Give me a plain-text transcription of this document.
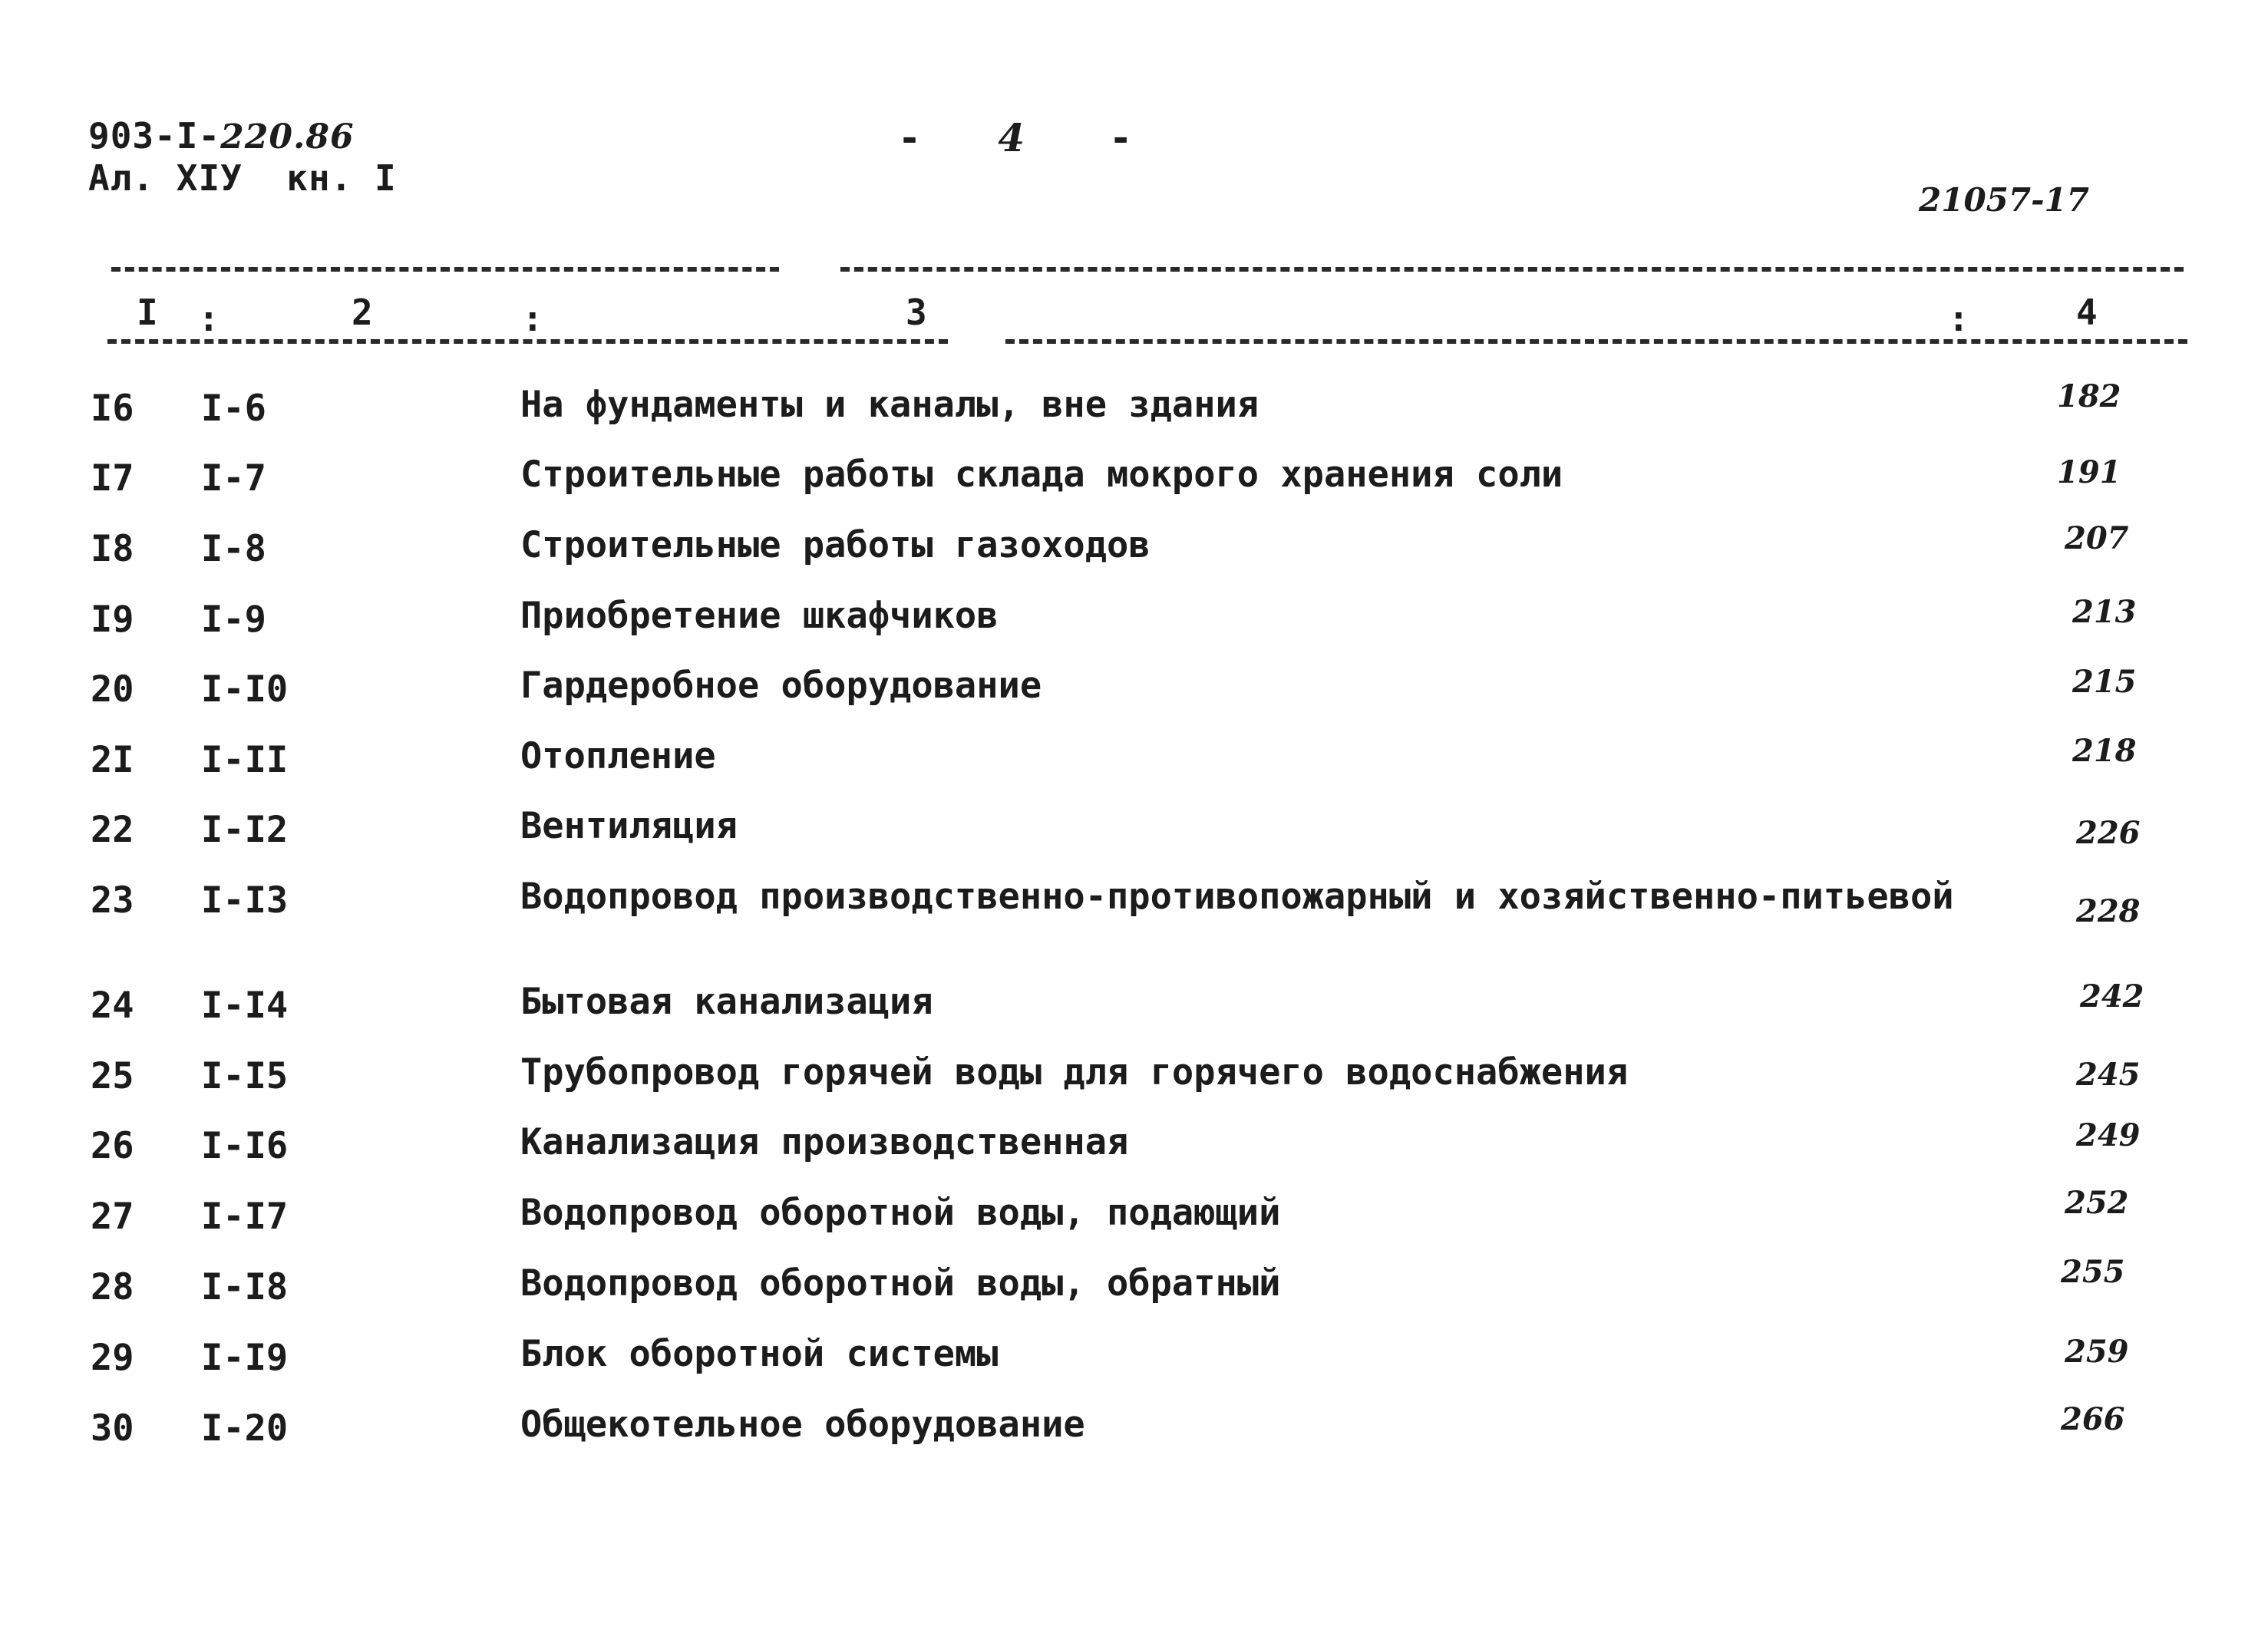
903-I-220.86
Ал. XIУ  кн. I
- 4 -
21057-17
I :	2	:	3	:	4
I6 I-6	На фундаменты и каналы, вне здания	182
I7 I-7	Строительные работы склада мокрого хранения соли	191
I8 I-8	Строительные работы газоходов	207
I9 I-9	Приобретение шкафчиков	213
20 I-I0	Гардеробное оборудование	215
2I I-II	Отопление	218
22 I-I2	Вентиляция	226
23 I-I3	Водопровод производственно-противопожарный и хозяйственно-питьевой	228
24 I-I4	Бытовая канализация	242
25 I-I5	Трубопровод горячей воды для горячего водоснабжения	245
26 I-I6	Канализация производственная	249
27 I-I7	Водопровод оборотной воды, подающий	252
28 I-I8	Водопровод оборотной воды, обратный	255
29 I-I9	Блок оборотной системы	259
30 I-20	Общекотельное оборудование	266
